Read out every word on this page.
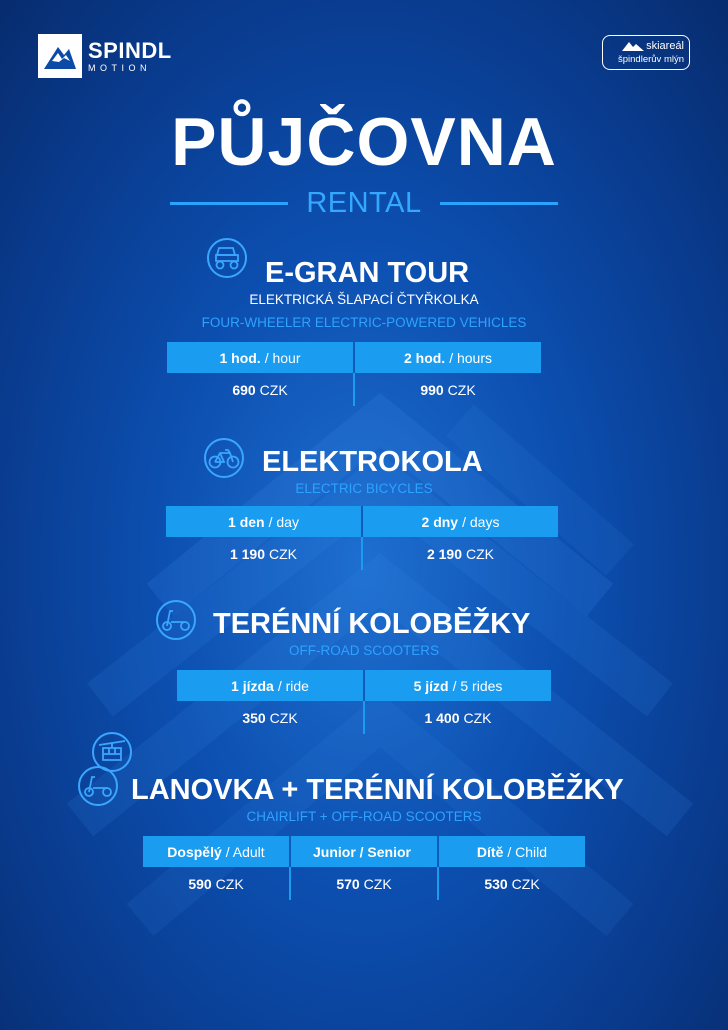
SPINDL
MOTION
skiareál
špindlerův mlýn
PŮJČOVNA
RENTAL
E-GRAN TOUR
ELEKTRICKÁ ŠLAPACÍ ČTYŘKOLKA
FOUR-WHEELER ELECTRIC-POWERED VEHICLES
1 hod. / hour	2 hod. / hours
690 CZK	990 CZK
ELEKTROKOLA
ELECTRIC BICYCLES
1 den / day	2 dny / days
1 190 CZK	2 190 CZK
TERÉNNÍ KOLOBĚŽKY
OFF-ROAD SCOOTERS
1 jízda / ride	5 jízd / 5 rides
350 CZK	1 400 CZK
LANOVKA + TERÉNNÍ KOLOBĚŽKY
CHAIRLIFT + OFF-ROAD SCOOTERS
Dospělý / Adult	Junior / Senior	Dítě / Child
590 CZK	570 CZK	530 CZK
